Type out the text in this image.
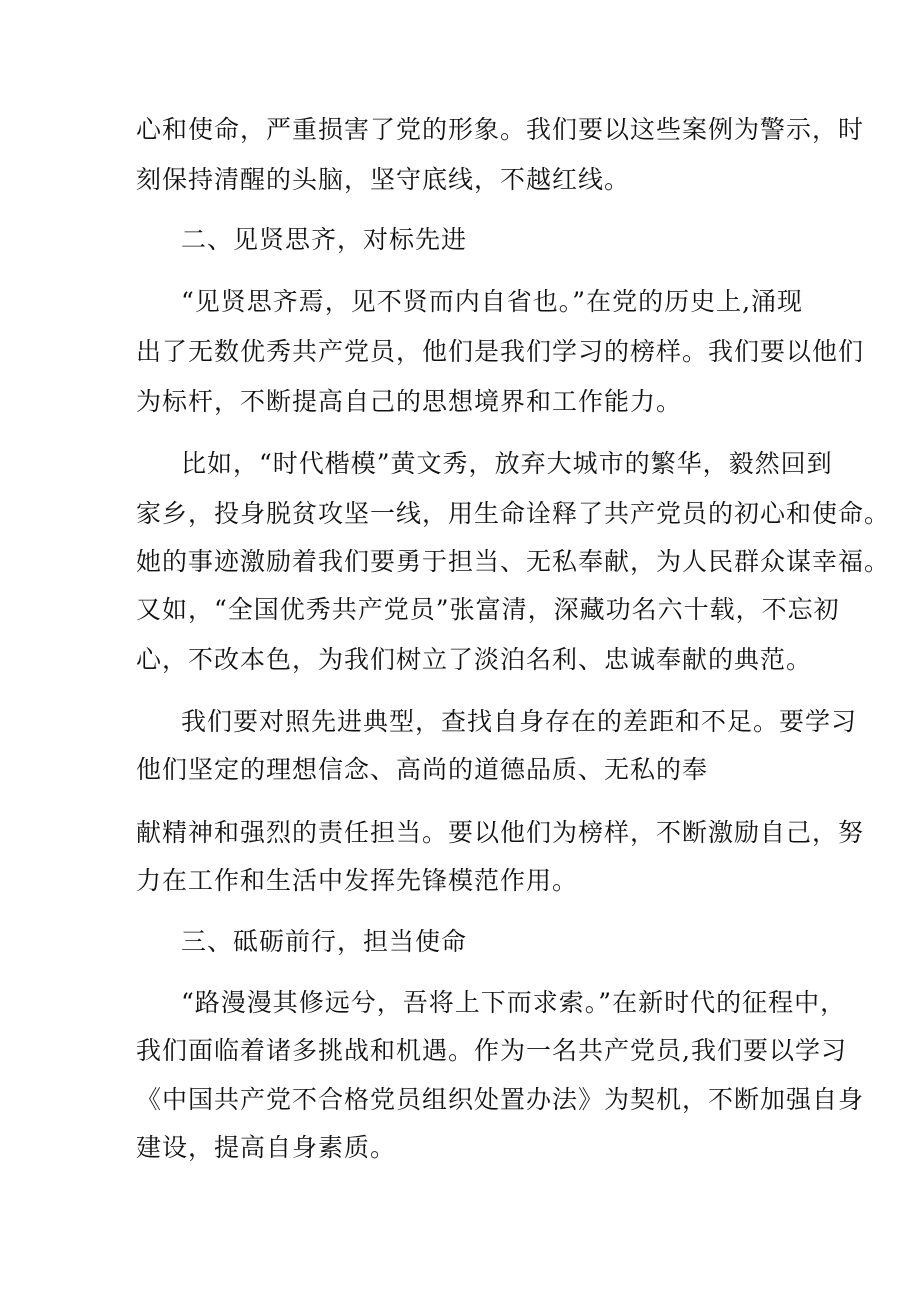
心和使命，严重损害了党的形象。我们要以这些案例为警示，时
刻保持清醒的头脑，坚守底线，不越红线。
二、见贤思齐，对标先进
“见贤思齐焉，见不贤而内自省也。”在党的历史上,涌现
出了无数优秀共产党员，他们是我们学习的榜样。我们要以他们
为标杆，不断提高自己的思想境界和工作能力。
比如，“时代楷模”黄文秀，放弃大城市的繁华，毅然回到
家乡，投身脱贫攻坚一线，用生命诠释了共产党员的初心和使命。
她的事迹激励着我们要勇于担当、无私奉献，为人民群众谋幸福。
又如，“全国优秀共产党员”张富清，深藏功名六十载，不忘初
心，不改本色，为我们树立了淡泊名利、忠诚奉献的典范。
我们要对照先进典型，查找自身存在的差距和不足。要学习
他们坚定的理想信念、高尚的道德品质、无私的奉
献精神和强烈的责任担当。要以他们为榜样，不断激励自己，努
力在工作和生活中发挥先锋模范作用。
三、砥砺前行，担当使命
“路漫漫其修远兮，吾将上下而求索。”在新时代的征程中，
我们面临着诸多挑战和机遇。作为一名共产党员,我们要以学习
《中国共产党不合格党员组织处置办法》为契机，不断加强自身
建设，提高自身素质。
